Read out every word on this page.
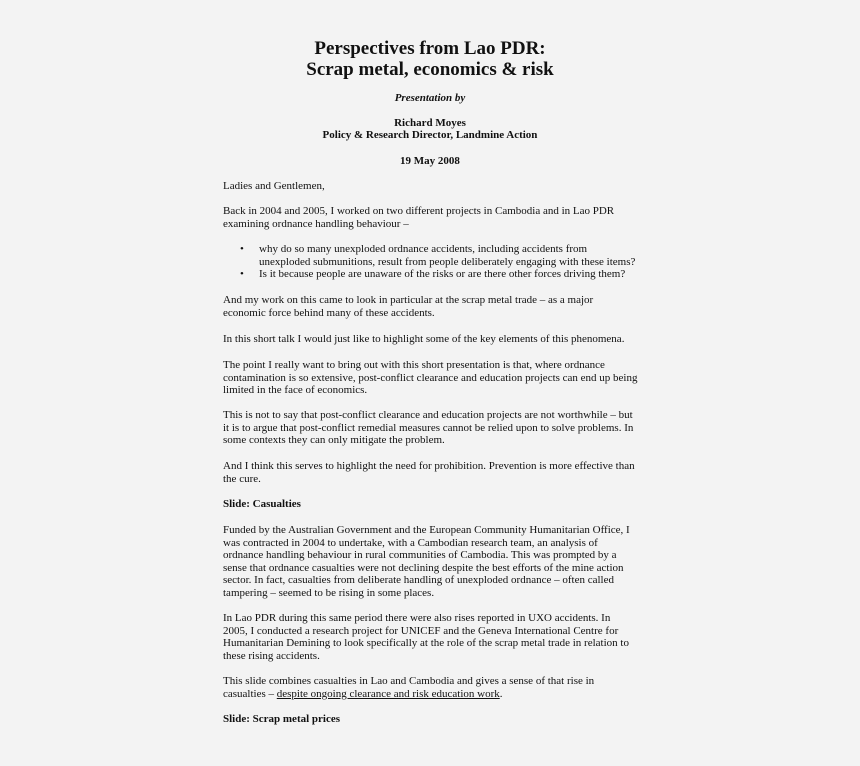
Perspectives from Lao PDR:
Scrap metal, economics & risk
Presentation by
Richard Moyes
Policy & Research Director, Landmine Action
19 May 2008

Ladies and Gentlemen,

Back in 2004 and 2005, I worked on two different projects in Cambodia and in Lao PDR

examining ordnance handling behaviour –

• why do so many unexploded ordnance accidents, including accidents from
unexploded submunitions, result from people deliberately engaging with these items?
• Is it because people are unaware of the risks or are there other forces driving them?

And my work on this came to look in particular at the scrap metal trade – as a major

economic force behind many of these accidents.

In this short talk I would just like to highlight some of the key elements of this phenomena.

The point I really want to bring out with this short presentation is that, where ordnance

contamination is so extensive, post-conflict clearance and education projects can end up being

limited in the face of economics.

This is not to say that post-conflict clearance and education projects are not worthwhile – but

it is to argue that post-conflict remedial measures cannot be relied upon to solve problems. In

some contexts they can only mitigate the problem.

And I think this serves to highlight the need for prohibition. Prevention is more effective than

the cure.

Slide: Casualties

Funded by the Australian Government and the European Community Humanitarian Office, I

was contracted in 2004 to undertake, with a Cambodian research team, an analysis of

ordnance handling behaviour in rural communities of Cambodia. This was prompted by a

sense that ordnance casualties were not declining despite the best efforts of the mine action

sector. In fact, casualties from deliberate handling of unexploded ordnance – often called

tampering – seemed to be rising in some places.

In Lao PDR during this same period there were also rises reported in UXO accidents. In

2005, I conducted a research project for UNICEF and the Geneva International Centre for

Humanitarian Demining to look specifically at the role of the scrap metal trade in relation to

these rising accidents.

This slide combines casualties in Lao and Cambodia and gives a sense of that rise in

casualties – despite ongoing clearance and risk education work.

Slide: Scrap metal prices
